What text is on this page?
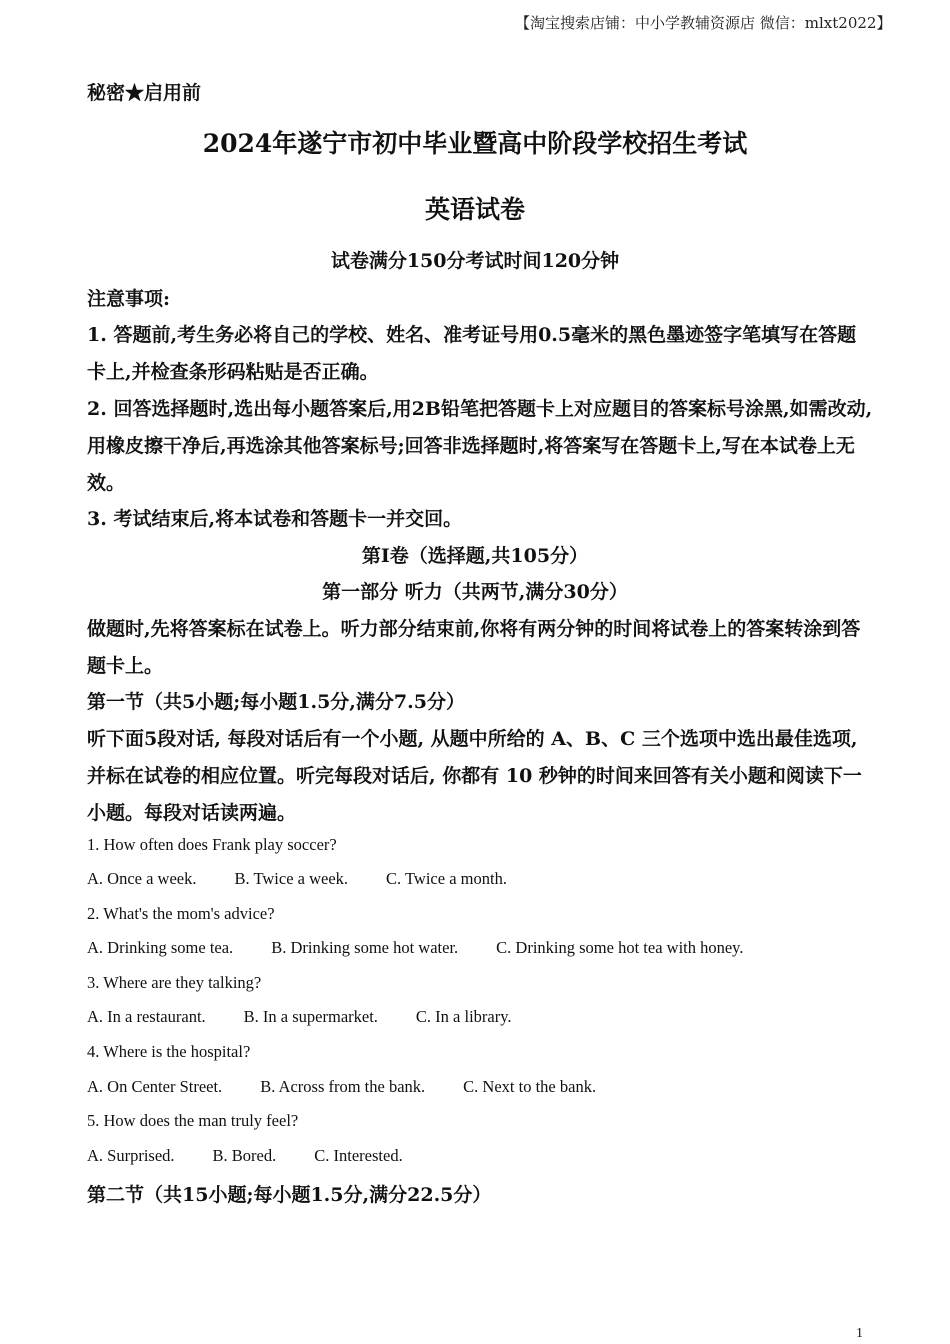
【淘宝搜索店铺：中小学教辅资源店 微信：mlxt2022】
秘密★启用前
2024年遂宁市初中毕业暨高中阶段学校招生考试
英语试卷
试卷满分150分考试时间120分钟
注意事项:
1. 答题前,考生务必将自己的学校、姓名、准考证号用0.5毫米的黑色墨迹签字笔填写在答题
卡上,并检查条形码粘贴是否正确。
2. 回答选择题时,选出每小题答案后,用2B铅笔把答题卡上对应题目的答案标号涂黑,如需改动,
用橡皮擦干净后,再选涂其他答案标号;回答非选择题时,将答案写在答题卡上,写在本试卷上无
效。
3. 考试结束后,将本试卷和答题卡一并交回。
第Ⅰ卷（选择题,共105分）
第一部分 听力（共两节,满分30分）
做题时,先将答案标在试卷上。听力部分结束前,你将有两分钟的时间将试卷上的答案转涂到答
题卡上。
第一节（共5小题;每小题1.5分,满分7.5分）
听下面5段对话, 每段对话后有一个小题, 从题中所给的 A、B、C 三个选项中选出最佳选项,
并标在试卷的相应位置。听完每段对话后, 你都有 10 秒钟的时间来回答有关小题和阅读下一
小题。每段对话读两遍。
1. How often does Frank play soccer?
A. Once a week. B. Twice a week. C. Twice a month.
2. What's the mom's advice?
A. Drinking some tea. B. Drinking some hot water. C. Drinking some hot tea with honey.
3. Where are they talking?
A. In a restaurant. B. In a supermarket. C. In a library.
4. Where is the hospital?
A. On Center Street. B. Across from the bank. C. Next to the bank.
5. How does the man truly feel?
A. Surprised. B. Bored. C. Interested.
第二节（共15小题;每小题1.5分,满分22.5分）
1
